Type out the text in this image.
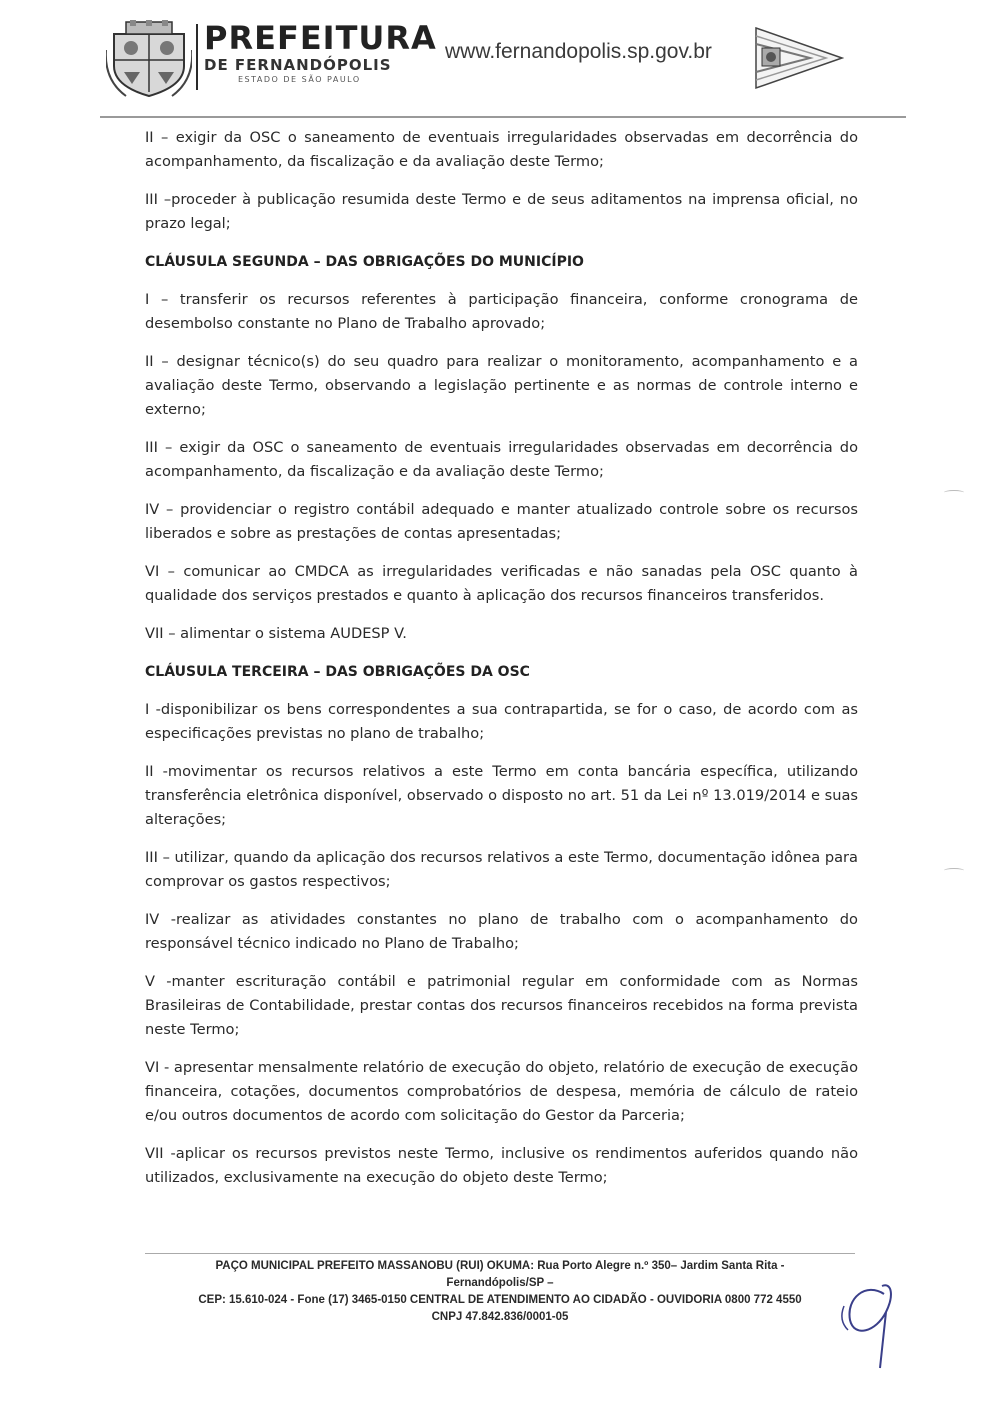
PREFEITURA
DE FERNANDÓPOLIS
ESTADO DE SÃO PAULO
www.fernandopolis.sp.gov.br

II – exigir da OSC o saneamento de eventuais irregularidades observadas em decorrência do acompanhamento, da fiscalização e da avaliação deste Termo;

III –proceder à publicação resumida deste Termo e de seus aditamentos na imprensa oficial, no prazo legal;

CLÁUSULA SEGUNDA – DAS OBRIGAÇÕES DO MUNICÍPIO

I – transferir os recursos referentes à participação financeira, conforme cronograma de desembolso constante no Plano de Trabalho aprovado;

II – designar técnico(s) do seu quadro para realizar o monitoramento, acompanhamento e a avaliação deste Termo, observando a legislação pertinente e as normas de controle interno e externo;

III – exigir da OSC o saneamento de eventuais irregularidades observadas em decorrência do acompanhamento, da fiscalização e da avaliação deste Termo;

IV – providenciar o registro contábil adequado e manter atualizado controle sobre os recursos liberados e sobre as prestações de contas apresentadas;

VI – comunicar ao CMDCA as irregularidades verificadas e não sanadas pela OSC quanto à qualidade dos serviços prestados e quanto à aplicação dos recursos financeiros transferidos.

VII – alimentar o sistema AUDESP V.

CLÁUSULA TERCEIRA – DAS OBRIGAÇÕES DA OSC

I -disponibilizar os bens correspondentes a sua contrapartida, se for o caso, de acordo com as especificações previstas no plano de trabalho;

II -movimentar os recursos relativos a este Termo em conta bancária específica, utilizando transferência eletrônica disponível, observado o disposto no art. 51 da Lei nº 13.019/2014 e suas alterações;

III – utilizar, quando da aplicação dos recursos relativos a este Termo, documentação idônea para comprovar os gastos respectivos;

IV -realizar as atividades constantes no plano de trabalho com o acompanhamento do responsável técnico indicado no Plano de Trabalho;

V -manter escrituração contábil e patrimonial regular em conformidade com as Normas Brasileiras de Contabilidade, prestar contas dos recursos financeiros recebidos na forma prevista neste Termo;

VI - apresentar mensalmente relatório de execução do objeto, relatório de execução de execução financeira, cotações, documentos comprobatórios de despesa, memória de cálculo de rateio e/ou outros documentos de acordo com solicitação do Gestor da Parceria;

VII -aplicar os recursos previstos neste Termo, inclusive os rendimentos auferidos quando não utilizados, exclusivamente na execução do objeto deste Termo;

PAÇO MUNICIPAL PREFEITO MASSANOBU (RUI) OKUMA: Rua Porto Alegre n.º 350– Jardim Santa Rita -
Fernandópolis/SP –
CEP: 15.610-024 - Fone (17) 3465-0150 CENTRAL DE ATENDIMENTO AO CIDADÃO - OUVIDORIA 0800 772 4550
CNPJ 47.842.836/0001-05
